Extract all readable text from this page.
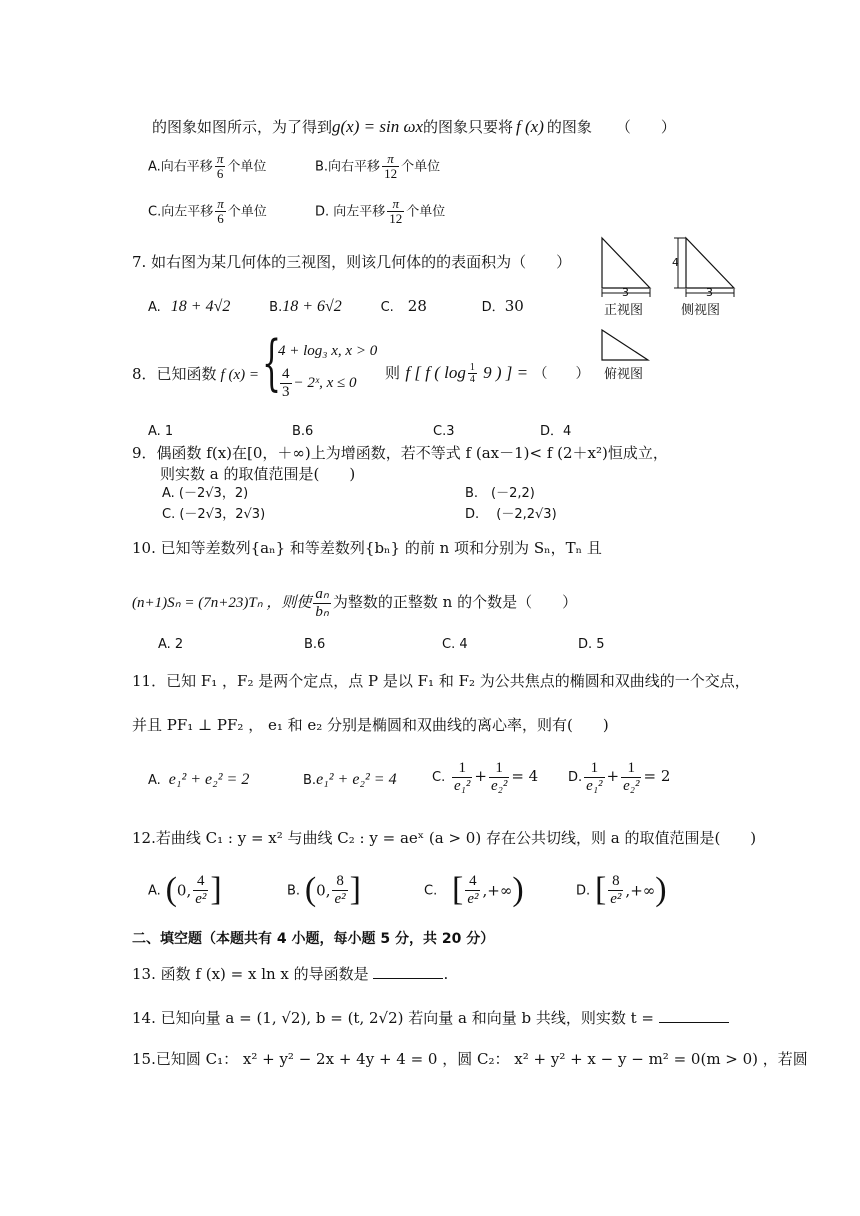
的图象如图所示，为了得到g(x) = sin ωx的图象只要将 f (x) 的图象 （　　）
A.向右平移 $\frac{\pi}{6}$ 个单位	B.向右平移 $\frac{\pi}{12}$ 个单位
C.向左平移 $\frac{\pi}{6}$ 个单位	D. 向左平移 $\frac{\pi}{12}$ 个单位
7. 如右图为某几何体的三视图，则该几何体的的表面积为（　　）
A. 18 + 4√2	B.18 + 6√2	C. 28	D．30
3	3
4
正视图	侧视图
俯视图
8．已知函数 f (x) = {
4 + log₃ x, x > 0
$\frac{4}{3}$ − 2ˣ, x ≤ 0
则 f [ f ( $\log \frac{1}{4} 9$ ) ] = （　　）
A. 1	B.6	C.3	D．4
9．偶函数 f(x)在[0，＋∞)上为增函数，若不等式 f (ax－1)< f (2＋x²)恒成立，
则实数 a 的取值范围是(　　)
A. (－2√3，2)	B.　(－2,2)
C. (－2√3，2√3)	D.　 (－2,2√3)
10. 已知等差数列{aₙ} 和等差数列{bₙ} 的前 n 项和分别为 Sₙ，Tₙ 且
(n+1)Sₙ = (7n+23)Tₙ ，则使 $\frac{\text{aₙ}}{\text{bₙ}}$ 为整数的正整数 n 的个数是（　　）
A. 2	B.6	C. 4	D. 5
11．已知 F₁ ，F₂ 是两个定点，点 P 是以 F₁ 和 F₂ 为公共焦点的椭圆和双曲线的一个交点，
并且 PF₁ ⊥ PF₂ ， e₁ 和 e₂ 分别是椭圆和双曲线的离心率，则有(　　)
A. e₁² + e₂² = 2	B.e₁² + e₂² = 4	C. $\frac{1}{\text{e₁²}} + \frac{1}{\text{e₂²}} = 4$ D. $\frac{1}{\text{e₁²}} + \frac{1}{\text{e₂²}} = 2$
12.若曲线 C₁ : y = x² 与曲线 C₂ : y = aeˣ (a > 0) 存在公共切线，则 a 的取值范围是(　　)
A. (0, $\frac{4}{\text{e²}}$ ]	B. (0, $\frac{8}{\text{e²}}$ ]	C. [ $\frac{4}{\text{e²}}$ ,+∞)	D. [ $\frac{8}{\text{e²}}$ ,+∞)
二、填空题（本题共有 4 小题，每小题 5 分，共 20 分）
13. 函数 f (x) = x ln x 的导函数是	.
14. 已知向量 a = (1, √2), b = (t, 2√2) 若向量 a 和向量 b 共线，则实数 t =
15.已知圆 C₁： x² + y² − 2x + 4y + 4 = 0 ，圆 C₂： x² + y² + x − y − m² = 0(m > 0) ，若圆
